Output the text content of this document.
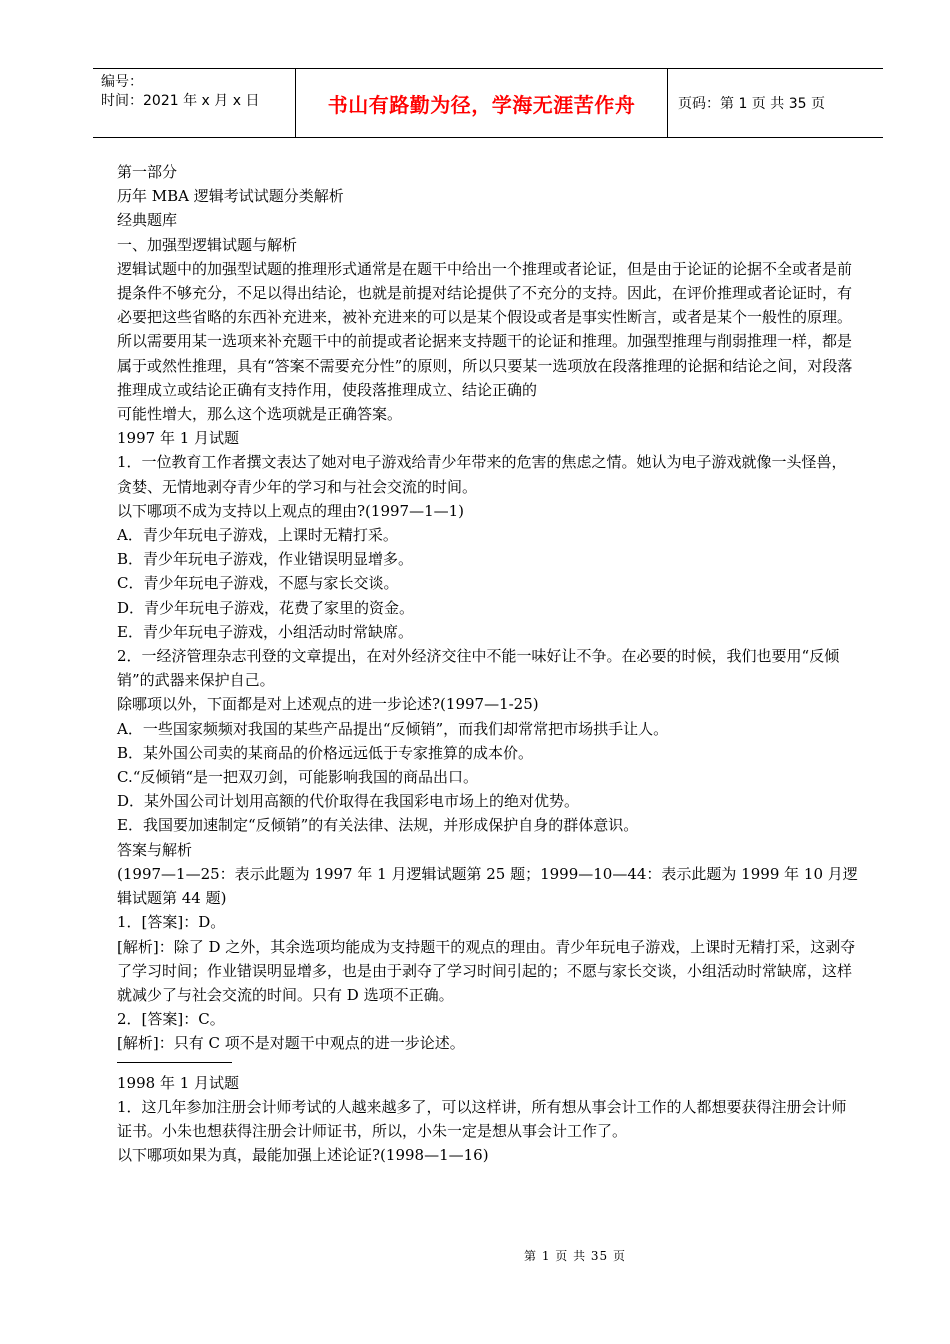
编号：
时间：2021 年 x 月 x 日	书山有路勤为径，学海无涯苦作舟	页码：第 1 页 共 35 页

第一部分

历年 MBA 逻辑考试试题分类解析

经典题库

一、加强型逻辑试题与解析

逻辑试题中的加强型试题的推理形式通常是在题干中给出一个推理或者论证，但是由于论证的论据不全或者是前提条件不够充分，不足以得出结论，也就是前提对结论提供了不充分的支持。因此，在评价推理或者论证时，有必要把这些省略的东西补充进来，被补充进来的可以是某个假设或者是事实性断言，或者是某个一般性的原理。所以需要用某一选项来补充题干中的前提或者论据来支持题干的论证和推理。加强型推理与削弱推理一样，都是属于或然性推理，具有“答案不需要充分性”的原则，所以只要某一选项放在段落推理的论据和结论之间，对段落推理成立或结论正确有支持作用，使段落推理成立、结论正确的

可能性增大，那么这个选项就是正确答案。

1997 年 1 月试题

1．一位教育工作者撰文表达了她对电子游戏给青少年带来的危害的焦虑之情。她认为电子游戏就像一头怪兽，贪婪、无情地剥夺青少年的学习和与社会交流的时间。

以下哪项不成为支持以上观点的理由?(1997—1—1)

A．青少年玩电子游戏，上课时无精打采。

B．青少年玩电子游戏，作业错误明显增多。

C．青少年玩电子游戏，不愿与家长交谈。

D．青少年玩电子游戏，花费了家里的资金。

E．青少年玩电子游戏，小组活动时常缺席。

2．一经济管理杂志刊登的文章提出，在对外经济交往中不能一味好让不争。在必要的时候，我们也要用“反倾销”的武器来保护自己。

除哪项以外，下面都是对上述观点的进一步论述?(1997—1-25)

A．一些国家频频对我国的某些产品提出“反倾销”，而我们却常常把市场拱手让人。

B．某外国公司卖的某商品的价格远远低于专家推算的成本价。

C.“反倾销“是一把双刃剑，可能影响我国的商品出口。

D．某外国公司计划用高额的代价取得在我国彩电市场上的绝对优势。

E．我国要加速制定“反倾销”的有关法律、法规，并形成保护自身的群体意识。

答案与解析

(1997—1—25：表示此题为 1997 年 1 月逻辑试题第 25 题；1999—10—44：表示此题为 1999 年 10 月逻辑试题第 44 题)

1．[答案]：D。

[解析]：除了 D 之外，其余选项均能成为支持题干的观点的理由。青少年玩电子游戏，上课时无精打采，这剥夺了学习时间；作业错误明显增多，也是由于剥夺了学习时间引起的；不愿与家长交谈，小组活动时常缺席，这样就减少了与社会交流的时间。只有 D 选项不正确。

2．[答案]：C。

[解析]：只有 C 项不是对题干中观点的进一步论述。

1998 年 1 月试题

1．这几年参加注册会计师考试的人越来越多了，可以这样讲，所有想从事会计工作的人都想要获得注册会计师证书。小朱也想获得注册会计师证书，所以，小朱一定是想从事会计工作了。

以下哪项如果为真，最能加强上述论证?(1998—1—16)

第 1 页 共 35 页
